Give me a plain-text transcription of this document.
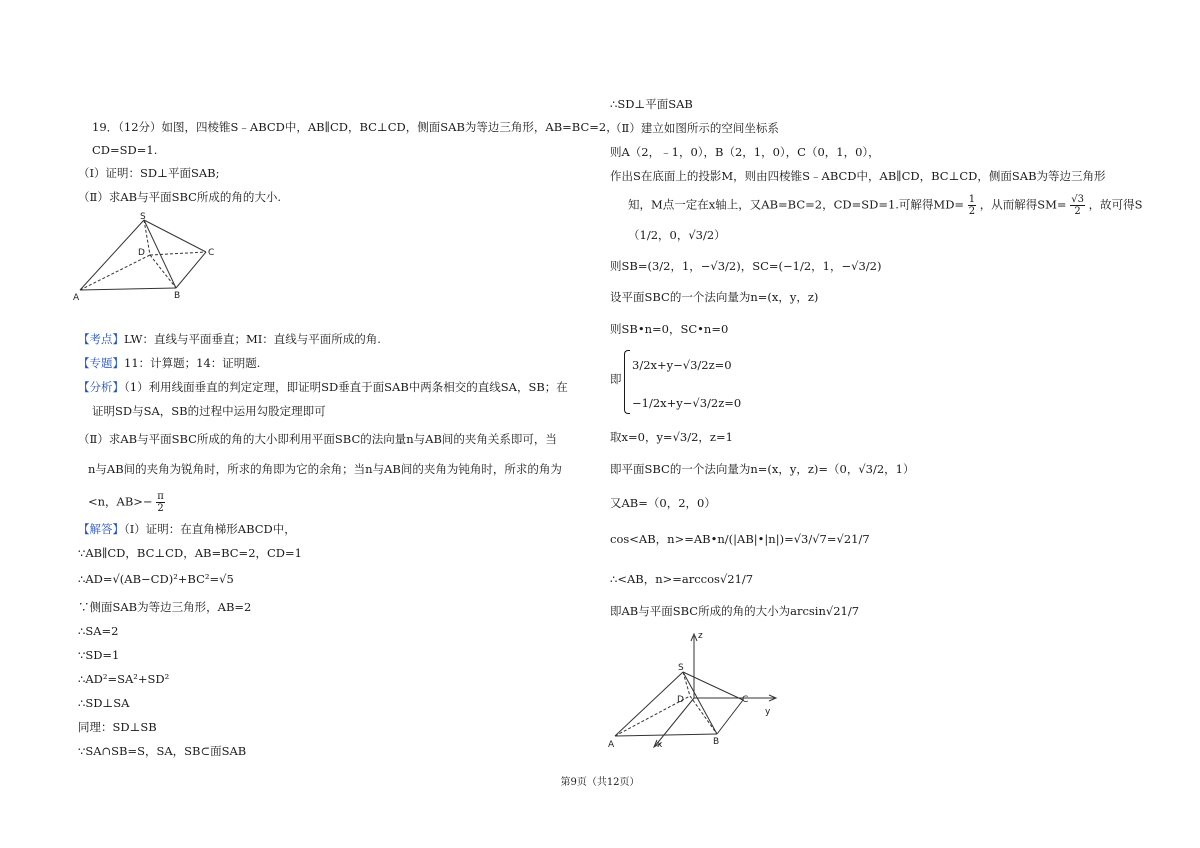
19．（12分）如图，四棱锥S﹣ABCD中，AB∥CD，BC⊥CD，侧面SAB为等边三角形，AB=BC=2，
CD=SD=1.
（Ⅰ）证明：SD⊥平面SAB;
（Ⅱ）求AB与平面SBC所成的角的大小.
S
D	C
A	B
【考点】LW：直线与平面垂直；MI：直线与平面所成的角.
【专题】11：计算题；14：证明题.
【分析】（1）利用线面垂直的判定定理，即证明SD垂直于面SAB中两条相交的直线SA，SB；在
证明SD与SA，SB的过程中运用勾股定理即可
（Ⅱ）求AB与平面SBC所成的角的大小即利用平面SBC的法向量n与AB间的夹角关系即可，当
n与AB间的夹角为锐角时，所求的角即为它的余角；当n与AB间的夹角为钝角时，所求的角为
<n，$AB>- \frac{\pi}{2}$
【解答】（Ⅰ）证明：在直角梯形ABCD中，
∵AB∥CD，BC⊥CD，AB=BC=2，CD=1
∴AD=√(AB−CD)²+BC²=√5
∵侧面SAB为等边三角形，AB=2
∴SA=2
∵SD=1
∴AD²=SA²+SD²
∴SD⊥SA
同理：SD⊥SB
∵SA∩SB=S，SA，SB⊂面SAB
∴SD⊥平面SAB
（Ⅱ）建立如图所示的空间坐标系
则A（2，﹣1，0），B（2，1，0），C（0，1，0），
作出S在底面上的投影M，则由四棱锥S﹣ABCD中，AB∥CD，BC⊥CD，侧面SAB为等边三角形
知，M点一定在x轴上，又AB=BC=2，CD=SD=1.可解得$MD= \frac{1}{2}$ ，从而解得$SM= \frac{√3}{2}$ ，故可得S
（1/2，0，√3/2）
则SB=(3/2，1，−√3/2)，SC=(−1/2，1，−√3/2)
设平面SBC的一个法向量为n=(x，y，z)
则SB•n=0，SC•n=0
即
3/2x+y−√3/2z=0
−1/2x+y−√3/2z=0
取x=0，y=√3/2，z=1
即平面SBC的一个法向量为n=(x，y，z)=（0，√3/2，1）
又AB=（0，2，0）
cos<AB，n>=AB•n/(|AB|•|n|)=√3/√7=√21/7
∴<AB，n>=arccos√21/7
即AB与平面SBC所成的角的大小为arcsin√21/7
z
S
D	C
y
A	x	B
第9页（共12页）
